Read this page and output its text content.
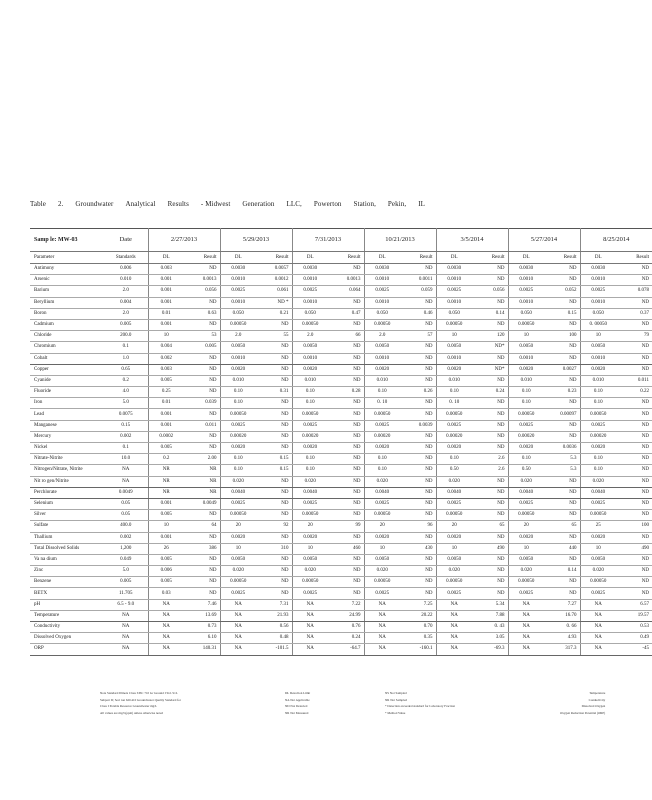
Table 2. Groundwater Analytical Results - Midwest Generation LLC, Powerton Station, Pekin, IL
Samp le: MW-03	Date	2/27/2013		5/29/2013		7/31/2013		10/21/2013		3/5/2014		5/27/2014		8/25/2014	
Parameter	Standards	DL	Result	DL	Result	DL	Result	DL	Result	DL	Result	DL	Result	DL	Result
Antimony	0.006	0.003	ND	0.0030	0.0057	0.0030	ND	0.0030	ND	0.0030	ND	0.0030	ND	0.0030	ND
Arsenic	0.010	0.001	0.0013	0.0010	0.0012	0.0010	0.0013	0.0010	0.0011	0.0010	ND	0.0010	ND	0.0010	ND
Barium	2.0	0.001	0.056	0.0025	0.061	0.0025	0.064	0.0025	0.059	0.0025	0.056	0.0025	0.052	0.0025	0.078
Beryllium	0.004	0.001	ND	0.0010	ND *	0.0010	ND	0.0010	ND	0.0010	ND	0.0010	ND	0.0010	ND
Boron	2.0	0.01	0.63	0.050	0.21	0.050	0.47	0.050	0.46	0.050	0.14	0.050	0.15	0.050	0.37
Cadmium	0.005	0.001	ND	0.00050	ND	0.00050	ND	0.00050	ND	0.00050	ND	0.00050	ND	0. 00050	ND
Chloride	200.0	10	53	2.0	55	2.0	66	2.0	57	10	120	10	100	10	79
Chromium	0.1	0.004	0.005	0.0050	ND	0.0050	ND	0.0050	ND	0.0050	ND*	0.0050	ND	0.0050	ND
Cobalt	1.0	0.002	ND	0.0010	ND	0.0010	ND	0.0010	ND	0.0010	ND	0.0010	ND	0.0010	ND
Copper	0.65	0.003	ND	0.0020	ND	0.0020	ND	0.0020	ND	0.0020	ND*	0.0020	0.0027	0.0020	ND
Cyanide	0.2	0.005	ND	0.010	ND	0.010	ND	0.010	ND	0.010	ND	0.010	ND	0.010	0.011
Fluoride	4.0	0.25	ND	0.10	0.31	0.10	0.28	0.10	0.26	0.10	0.24	0.10	0.23	0.10	0.22
Iron	5.0	0.01	0.039	0.10	ND	0.10	ND	0. 10	ND	0. 10	ND	0.10	ND	0.10	ND
Lead	0.0075	0.001	ND	0.00050	ND	0.00050	ND	0.00050	ND	0.00050	ND	0.00050	0.00097	0.00050	ND
Manganese	0.15	0.001	0.011	0.0025	ND	0.0025	ND	0.0025	0.0039	0.0025	ND	0.0025	ND	0.0025	ND
Mercury	0.002	0.0002	ND	0.00020	ND	0.00020	ND	0.00020	ND	0.00020	ND	0.00020	ND	0.00020	ND
Nickel	0.1	0.005	ND	0.0020	ND	0.0020	ND	0.0020	ND	0.0020	ND	0.0020	0.0036	0.0020	ND
Nitrate-Nitrite	10.0	0.2	2.00	0.10	0.15	0.10	ND	0.10	ND	0.10	2.6	0.10	5.3	0.10	ND
Nitrogen/Nitrate, Nitrite	NA	NR	NR	0.10	0.15	0.10	ND	0.10	ND	0.50	2.6	0.50	5.3	0.10	ND
Nit ro gen/Nitrite	NA	NR	NR	0.020	ND	0.020	ND	0.020	ND	0.020	ND	0.020	ND	0.020	ND
Perchlorate	0.0049	NR	NR	0.0040	ND	0.0040	ND	0.0040	ND	0.0040	ND	0.0040	ND	0.0040	ND
Selenium	0.05	0.001	0.0049	0.0025	ND	0.0025	ND	0.0025	ND	0.0025	ND	0.0025	ND	0.0025	ND
Silver	0.05	0.005	ND	0.00050	ND	0.00050	ND	0.00050	ND	0.00050	ND	0.00050	ND	0.00050	ND
Sulfate	400.0	10	64	20	92	20	99	20	96	20	65	20	65	25	100
Thallium	0.002	0.001	ND	0.0020	ND	0.0020	ND	0.0020	ND	0.0020	ND	0.0020	ND	0.0020	ND
Total Dissolved Solids	1,200	26	386	10	310	10	460	10	430	10	490	10	440	10	490
Va na dium	0.049	0.005	ND	0.0050	ND	0.0050	ND	0.0050	ND	0.0050	ND	0.0050	ND	0.0050	ND
Zinc	5.0	0.006	ND	0.020	ND	0.020	ND	0.020	ND	0.020	ND	0.020	0.14	0.020	ND
Benzene	0.005	0.005	ND	0.00050	ND	0.00050	ND	0.00050	ND	0.00050	ND	0.00050	ND	0.00050	ND
BETX	11.705	0.03	ND	0.0025	ND	0.0025	ND	0.0025	ND	0.0025	ND	0.0025	ND	0.0025	ND
pH	6.5 - 9.0	NA	7.46	NA	7.31	NA	7.22	NA	7.25	NA	5.34	NA	7.27	NA	6.57
Temperature	NA	NA	13.69	NA	21.93	NA	24.99	NA	20.22	NA	7.88	NA	16.70	NA	19.57
Conductivity	NA	NA	0.73	NA	0.56	NA	0.76	NA	0.70	NA	0. 43	NA	0. 66	NA	0.53
Dissolved Oxygen	NA	NA	6.10	NA	0.48	NA	0.24	NA	0.35	NA	3.05	NA	4.93	NA	0.49
ORP	NA	NA	140.31	NA	-101.5	NA	-64.7	NA	-160.1	NA	-69.3	NA	317.3	NA	-45
Note Standard Illinois Class I\ISC 710 Gr Ground I Std. S1L
Subpart D; Sect ion 620.410 Groundwater Quality Standard for
Class I Potable Resource Groundwater mg/L
All values are mg/L(ppm) unless otherwise noted
DL Detection Limit
NA Not Applicable
ND Not Detected
NR Not Measured
NS Not Sampled
NR Not Sampled
* Detection exceeded standard for Laboratory Fraction
* Method Value
Temperature
Conductivity
Dissolved Oxygen
Oxygen Reduction Potential (ORP)
